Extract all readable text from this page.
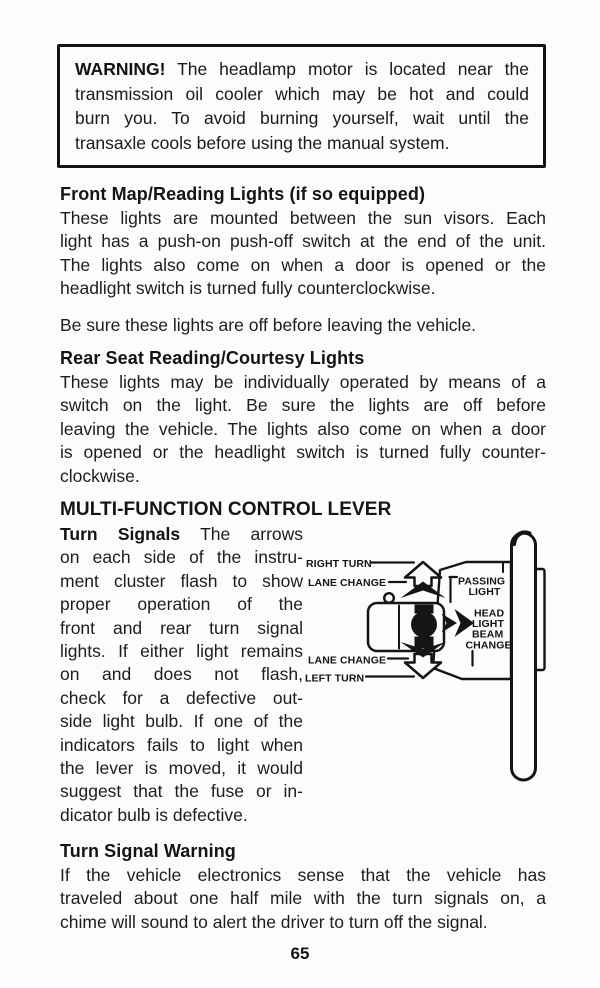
WARNING! The headlamp motor is located near the
transmission oil cooler which may be hot and could
burn you. To avoid burning yourself, wait until the
transaxle cools before using the manual system.
Front Map/Reading Lights (if so equipped)
These lights are mounted between the sun visors. Each
light has a push-on push-off switch at the end of the unit.
The lights also come on when a door is opened or the
headlight switch is turned fully counterclockwise.
Be sure these lights are off before leaving the vehicle.
Rear Seat Reading/Courtesy Lights
These lights may be individually operated by means of a
switch on the light. Be sure the lights are off before
leaving the vehicle. The lights also come on when a door
is opened or the headlight switch is turned fully counter-
clockwise.
MULTI-FUNCTION CONTROL LEVER
Turn Signals The arrows
on each side of the instru-
ment cluster flash to show
proper operation of the
front and rear turn signal
lights. If either light remains
on and does not flash,
check for a defective out-
side light bulb. If one of the
indicators fails to light when
the lever is moved, it would
suggest that the fuse or in-
dicator bulb is defective.
RIGHT TURN
LANE CHANGE	PASSING
LIGHT
HEAD
LIGHT
BEAM
CHANGE
LANE CHANGE
LEFT TURN
Turn Signal Warning
If the vehicle electronics sense that the vehicle has
traveled about one half mile with the turn signals on, a
chime will sound to alert the driver to turn off the signal.
65
